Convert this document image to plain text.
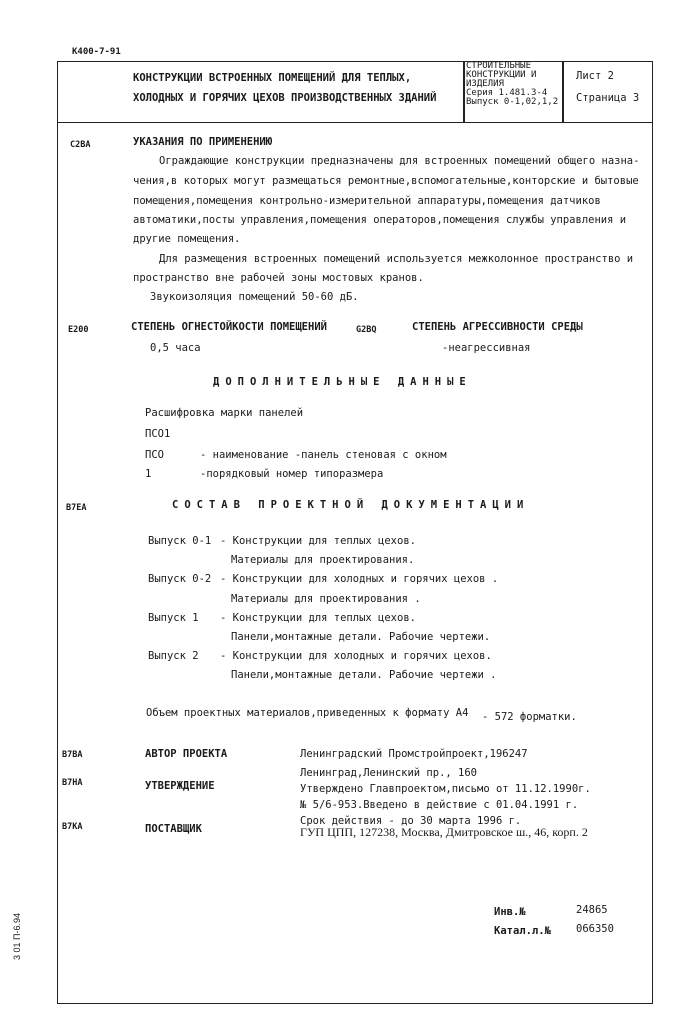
К400-7-91
КОНСТРУКЦИИ ВСТРОЕННЫХ ПОМЕЩЕНИЙ ДЛЯ ТЕПЛЫХ,
ХОЛОДНЫХ И ГОРЯЧИХ ЦЕХОВ ПРОИЗВОДСТВЕННЫХ ЗДАНИЙ
СТРОИТЕЛЬНЫЕ
КОНСТРУКЦИИ И
ИЗДЕЛИЯ
Серия 1.481.3-4
Выпуск 0-1,02,1,2
Лист 2
Страница 3
С2ВА	УКАЗАНИЯ ПО ПРИМЕНЕНИЮ
Ограждающие конструкции предназначены для встроенных помещений общего назна-
чения,в которых могут размещаться ремонтные,вспомогательные,конторские и бытовые
помещения,помещения контрольно-измерительной аппаратуры,помещения датчиков
автоматики,посты управления,помещения операторов,помещения службы управления и
другие помещения.
Для размещения встроенных помещений используется межколонное пространство и
пространство вне рабочей зоны мостовых кранов.
Звукоизоляция помещений 50-60 дБ.
Е200	СТЕПЕНЬ ОГНЕСТОЙКОСТИ ПОМЕЩЕНИЙ
0,5 часа
G2BQ	СТЕПЕНЬ АГРЕССИВНОСТИ СРЕДЫ
-неагрессивная
ДОПОЛНИТЕЛЬНЫЕ ДАННЫЕ
Расшифровка марки панелей
ПСО1
ПСО	- наименование -панель стеновая с окном
1	-порядковый номер типоразмера
В7ЕА	СОСТАВ ПРОЕКТНОЙ ДОКУМЕНТАЦИИ
Выпуск 0-1 - Конструкции для теплых цехов.
Материалы для проектирования.
Выпуск 0-2 - Конструкции для холодных и горячих цехов .
Материалы для проектирования .
Выпуск 1 - Конструкции для теплых цехов.
Панели,монтажные детали. Рабочие чертежи.
Выпуск 2 - Конструкции для холодных и горячих цехов.
Панели,монтажные детали. Рабочие чертежи .
Объем проектных материалов,приведенных к формату А4 - 572 форматки.
В7ВА	АВТОР ПРОЕКТА	Ленинградский Промстройпроект,196247
Ленинград,Ленинский пр., 160
В7НА	УТВЕРЖДЕНИЕ	Утверждено Главпроектом,письмо от 11.12.1990г.
№ 5/6-953.Введено в действие с 01.04.1991 г.
Срок действия - до 30 марта 1996 г.
В7КА	ПОСТАВЩИК	ГУП ЦПП, 127238, Москва, Дмитровское ш., 46, корп. 2
Инв.№	24865
Катал.л.№ 066350
3 01 П-6.94
